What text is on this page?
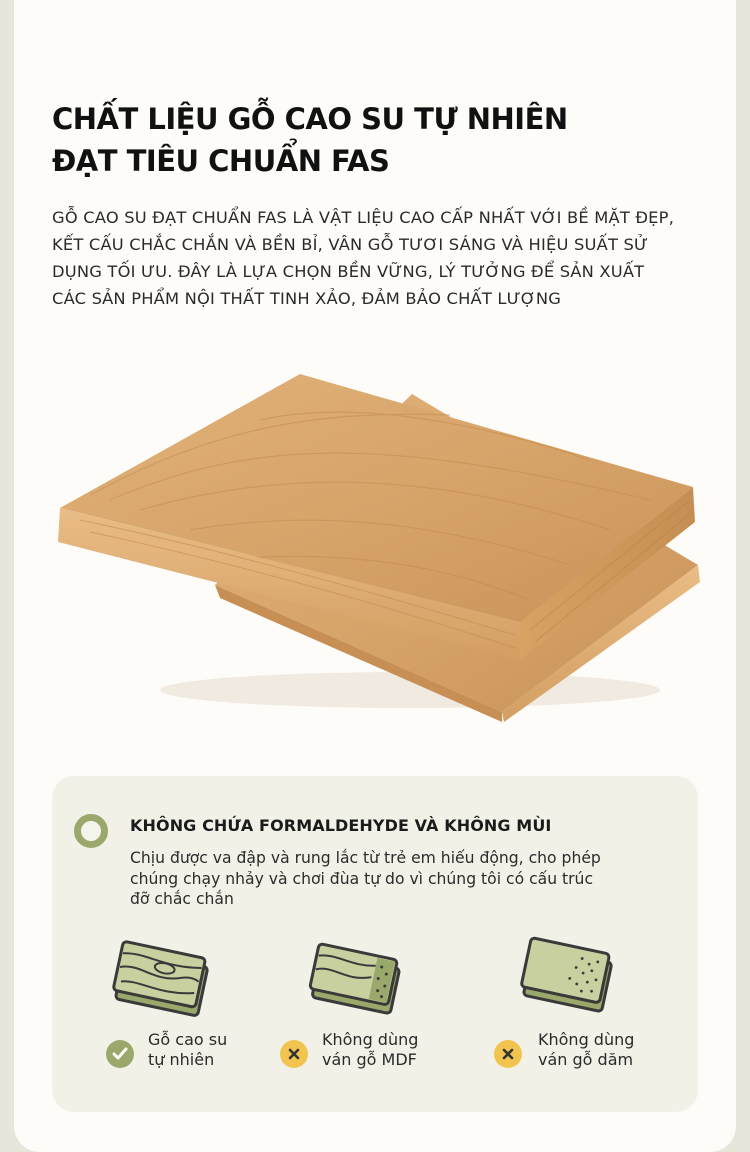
CHẤT LIỆU GỖ CAO SU TỰ NHIÊN
ĐẠT TIÊU CHUẨN FAS
GỖ CAO SU ĐẠT CHUẨN FAS LÀ VẬT LIỆU CAO CẤP NHẤT VỚI BỀ MẶT ĐẸP,
KẾT CẤU CHẮC CHẮN VÀ BỀN BỈ, VÂN GỖ TƯƠI SÁNG VÀ HIỆU SUẤT SỬ
DỤNG TỐI ƯU. ĐÂY LÀ LỰA CHỌN BỀN VỮNG, LÝ TƯỞNG ĐỂ SẢN XUẤT
CÁC SẢN PHẨM NỘI THẤT TINH XẢO, ĐẢM BẢO CHẤT LƯỢNG
KHÔNG CHỨA FORMALDEHYDE VÀ KHÔNG MÙI
Chịu được va đập và rung lắc từ trẻ em hiếu động, cho phép
chúng chạy nhảy và chơi đùa tự do vì chúng tôi có cấu trúc
đỡ chắc chắn
Gỗ cao su
tự nhiên
Không dùng
ván gỗ MDF
Không dùng
ván gỗ dăm
